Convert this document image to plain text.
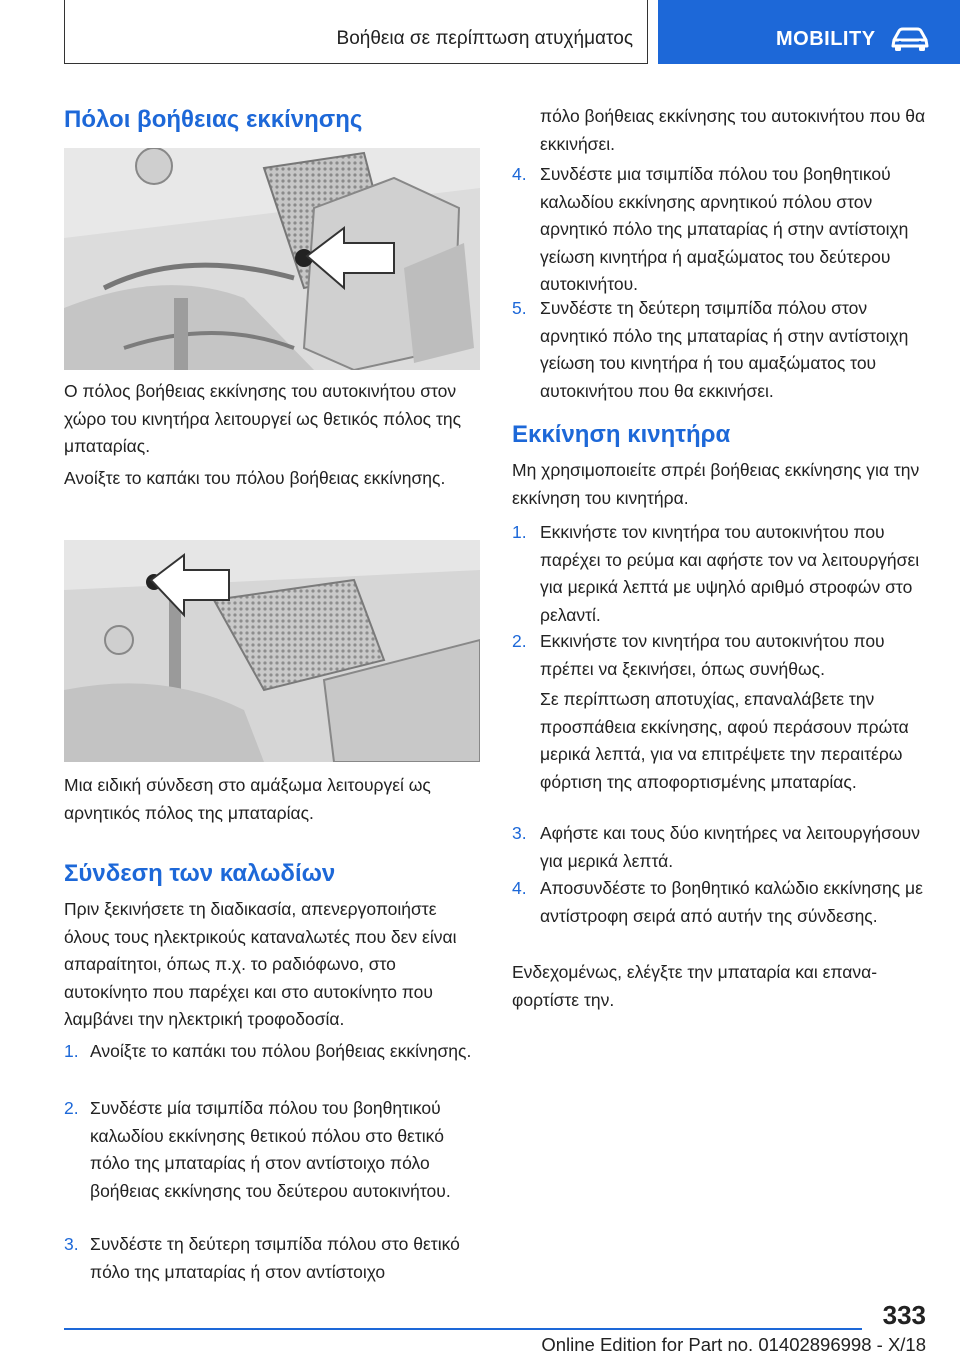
Βοήθεια σε περίπτωση ατυχήματος	MOBILITY
Πόλοι βοήθειας εκκίνησης

Ο πόλος βοήθειας εκκίνησης του αυτοκινήτου στον χώρο του κινητήρα λειτουργεί ως θετικός πόλος της μπαταρίας.

Ανοίξτε το καπάκι του πόλου βοήθειας εκκίνησης.

Μια ειδική σύνδεση στο αμάξωμα λειτουργεί ως αρνητικός πόλος της μπαταρίας.

Σύνδεση των καλωδίων

Πριν ξεκινήσετε τη διαδικασία, απενεργοποιήστε όλους τους ηλεκτρικούς καταναλωτές που δεν είναι απαραίτητοι, όπως π.χ. το ραδιόφωνο, στο αυτοκίνητο που παρέχει και στο αυτοκίνητο που λαμβάνει την ηλεκτρική τροφοδοσία.

1. Ανοίξτε το καπάκι του πόλου βοήθειας εκκίνησης.
2. Συνδέστε μία τσιμπίδα πόλου του βοηθητικού καλωδίου εκκίνησης θετικού πόλου στο θετικό πόλο της μπαταρίας ή στον αντίστοιχο πόλο βοήθειας εκκίνησης του δεύτερου αυτοκινήτου.
3. Συνδέστε τη δεύτερη τσιμπίδα πόλου στο θετικό πόλο της μπαταρίας ή στον αντίστοιχο

πόλο βοήθειας εκκίνησης του αυτοκινήτου που θα εκκινήσει.

4. Συνδέστε μια τσιμπίδα πόλου του βοηθητικού καλωδίου εκκίνησης αρνητικού πόλου στον αρνητικό πόλο της μπαταρίας ή στην αντίστοιχη γείωση κινητήρα ή αμαξώματος του δεύτερου αυτοκινήτου.
5. Συνδέστε τη δεύτερη τσιμπίδα πόλου στον αρνητικό πόλο της μπαταρίας ή στην αντίστοιχη γείωση του κινητήρα ή του αμαξώματος του αυτοκινήτου που θα εκκινήσει.
Εκκίνηση κινητήρα

Μη χρησιμοποιείτε σπρέι βοήθειας εκκίνησης για την εκκίνηση του κινητήρα.

1. Εκκινήστε τον κινητήρα του αυτοκινήτου που παρέχει το ρεύμα και αφήστε τον να λειτουργήσει για μερικά λεπτά με υψηλό αριθμό στροφών στο ρελαντί.
2. Εκκινήστε τον κινητήρα του αυτοκινήτου που πρέπει να ξεκινήσει, όπως συνήθως.
Σε περίπτωση αποτυχίας, επαναλάβετε την προσπάθεια εκκίνησης, αφού περάσουν πρώτα μερικά λεπτά, για να επιτρέψετε την περαιτέρω φόρτιση της αποφορτισμένης μπαταρίας.
3. Αφήστε και τους δύο κινητήρες να λειτουργήσουν για μερικά λεπτά.
4. Αποσυνδέστε το βοηθητικό καλώδιο εκκίνησης με αντίστροφη σειρά από αυτήν της σύνδεσης.

Ενδεχομένως, ελέγξτε την μπαταρία και επαναφορτίστε την.

333
Online Edition for Part no. 01402896998 - X/18
